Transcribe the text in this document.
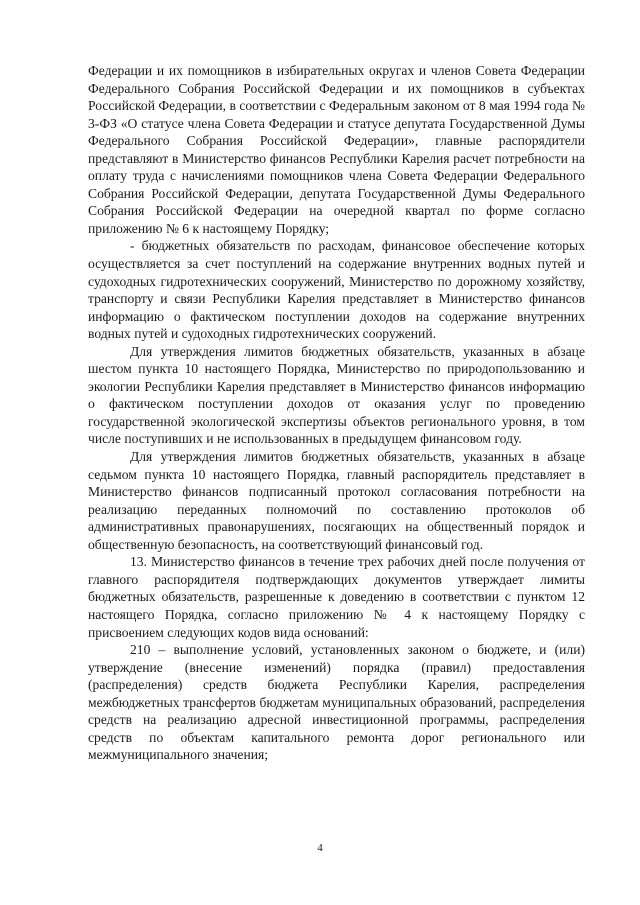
Федерации и их помощников в избирательных округах и членов Совета Федерации Федерального Собрания Российской Федерации и их помощников в субъектах Российской Федерации, в соответствии с Федеральным законом от 8 мая 1994 года № 3-ФЗ «О статусе члена Совета Федерации и статусе депутата Государственной Думы Федерального Собрания Российской Федерации», главные распорядители представляют в Министерство финансов Республики Карелия расчет потребности на оплату труда с начислениями помощников члена Совета Федерации Федерального Собрания Российской Федерации, депутата Государственной Думы Федерального Собрания Российской Федерации на очередной квартал по форме согласно приложению № 6 к настоящему Порядку;

- бюджетных обязательств по расходам, финансовое обеспечение которых осуществляется за счет поступлений на содержание внутренних водных путей и судоходных гидротехнических сооружений, Министерство по дорожному хозяйству, транспорту и связи Республики Карелия представляет в Министерство финансов информацию о фактическом поступлении доходов на содержание внутренних водных путей и судоходных гидротехнических сооружений.

Для утверждения лимитов бюджетных обязательств, указанных в абзаце шестом пункта 10 настоящего Порядка, Министерство по природопользованию и экологии Республики Карелия представляет в Министерство финансов информацию о фактическом поступлении доходов от оказания услуг по проведению государственной экологической экспертизы объектов регионального уровня, в том числе поступивших и не использованных в предыдущем финансовом году.

Для утверждения лимитов бюджетных обязательств, указанных в абзаце седьмом пункта 10 настоящего Порядка, главный распорядитель представляет в Министерство финансов подписанный протокол согласования потребности на реализацию переданных полномочий по составлению протоколов об административных правонарушениях, посягающих на общественный порядок и общественную безопасность, на соответствующий финансовый год.

13. Министерство финансов в течение трех рабочих дней после получения от главного распорядителя подтверждающих документов утверждает лимиты бюджетных обязательств, разрешенные к доведению в соответствии с пунктом 12 настоящего Порядка, согласно приложению № 4 к настоящему Порядку с присвоением следующих кодов вида оснований:

210 – выполнение условий, установленных законом о бюджете, и (или) утверждение (внесение изменений) порядка (правил) предоставления (распределения) средств бюджета Республики Карелия, распределения межбюджетных трансфертов бюджетам муниципальных образований, распределения средств на реализацию адресной инвестиционной программы, распределения средств по объектам капитального ремонта дорог регионального или межмуниципального значения;

4
